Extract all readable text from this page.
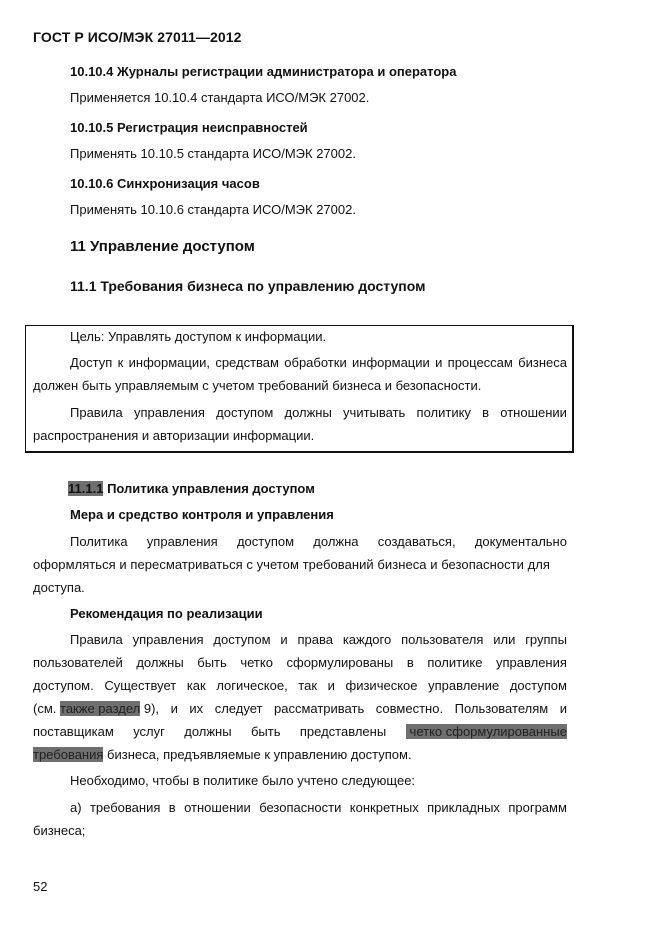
ГОСТ Р ИСО/МЭК 27011—2012
10.10.4 Журналы регистрации администратора и оператора
Применяется 10.10.4 стандарта ИСО/МЭК 27002.
10.10.5 Регистрация неисправностей
Применять 10.10.5 стандарта ИСО/МЭК 27002.
10.10.6 Синхронизация часов
Применять 10.10.6 стандарта ИСО/МЭК 27002.
11 Управление доступом
11.1 Требования бизнеса по управлению доступом
Цель: Управлять доступом к информации.
Доступ к информации, средствам обработки информации и процессам бизнеса
должен быть управляемым с учетом требований бизнеса и безопасности.
Правила управления доступом должны учитывать политику в отношении
распространения и авторизации информации.
11.1.1 Политика управления доступом
Мера и средство контроля и управления
Политика управления доступом должна создаваться, документально
оформляться и пересматриваться с учетом требований бизнеса и безопасности для
доступа.
Рекомендация по реализации
Правила управления доступом и права каждого пользователя или группы
пользователей должны быть четко сформулированы в политике управления
доступом. Существует как логическое, так и физическое управление доступом
(см. также раздел 9), и их следует рассматривать совместно. Пользователям и
поставщикам услуг должны быть представлены	четко сформулированные
требования бизнеса, предъявляемые к управлению доступом.
Необходимо, чтобы в политике было учтено следующее:
а) требования в отношении безопасности конкретных прикладных программ
бизнеса;
52
